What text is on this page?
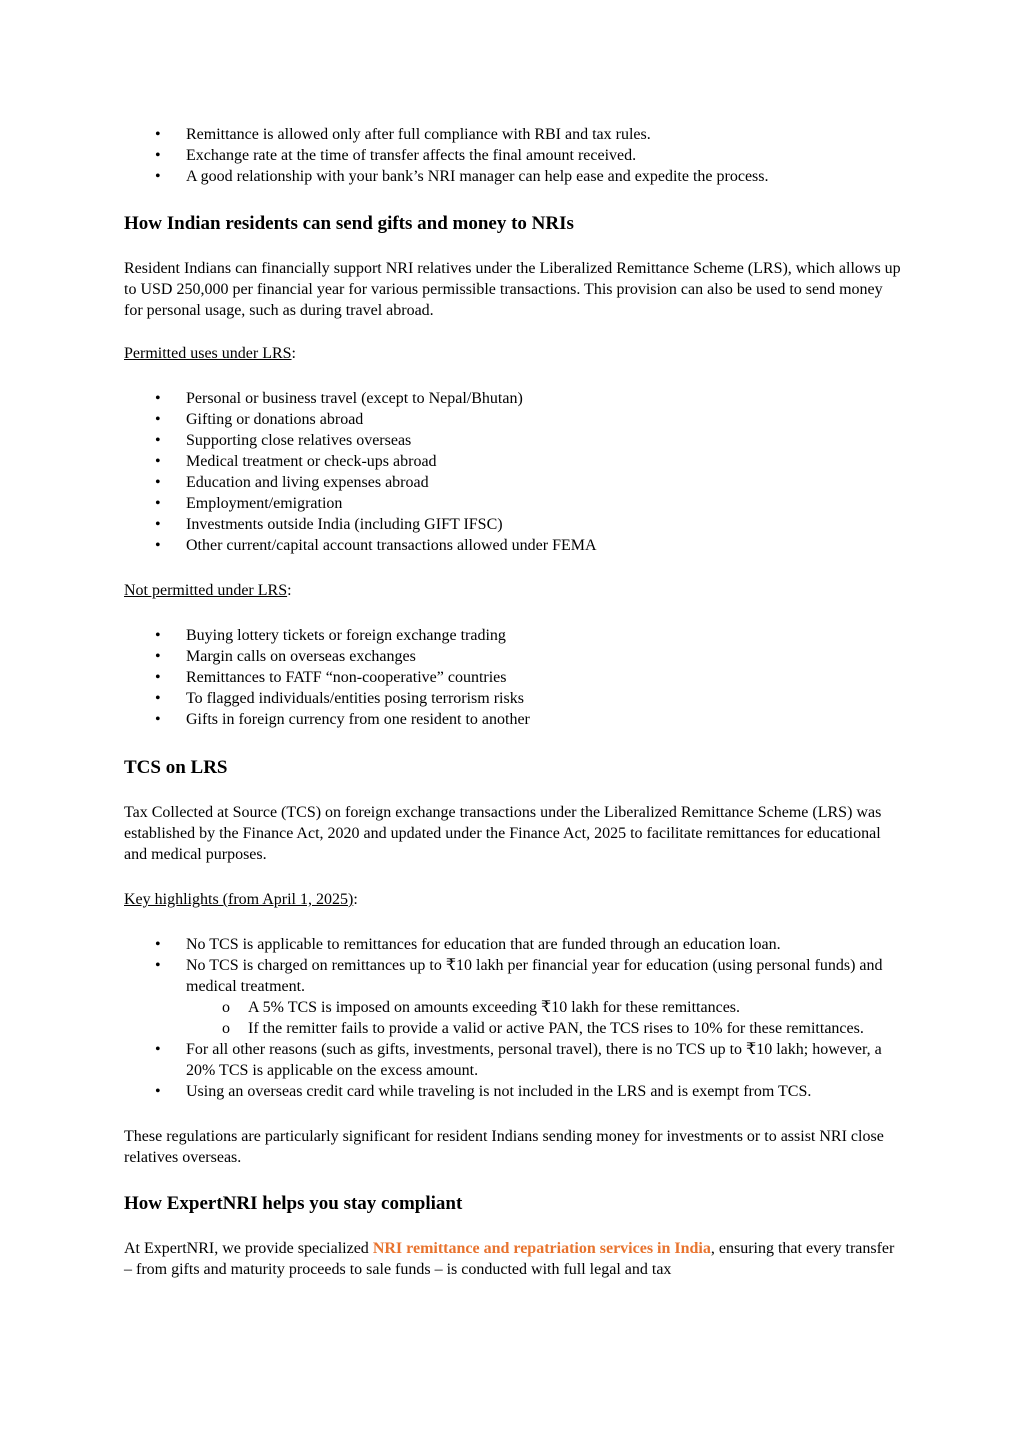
• Remittance is allowed only after full compliance with RBI and tax rules.
• Exchange rate at the time of transfer affects the final amount received.
• A good relationship with your bank’s NRI manager can help ease and expedite the process.
How Indian residents can send gifts and money to NRIs

Resident Indians can financially support NRI relatives under the Liberalized Remittance Scheme (LRS), which allows up to USD 250,000 per financial year for various permissible transactions. This provision can also be used to send money for personal usage, such as during travel abroad.

Permitted uses under LRS:

• Personal or business travel (except to Nepal/Bhutan)
• Gifting or donations abroad
• Supporting close relatives overseas
• Medical treatment or check-ups abroad
• Education and living expenses abroad
• Employment/emigration
• Investments outside India (including GIFT IFSC)
• Other current/capital account transactions allowed under FEMA

Not permitted under LRS:

• Buying lottery tickets or foreign exchange trading
• Margin calls on overseas exchanges
• Remittances to FATF “non-cooperative” countries
• To flagged individuals/entities posing terrorism risks
• Gifts in foreign currency from one resident to another
TCS on LRS

Tax Collected at Source (TCS) on foreign exchange transactions under the Liberalized Remittance Scheme (LRS) was established by the Finance Act, 2020 and updated under the Finance Act, 2025 to facilitate remittances for educational and medical purposes.

Key highlights (from April 1, 2025):

• No TCS is applicable to remittances for education that are funded through an education loan.
• No TCS is charged on remittances up to ₹10 lakh per financial year for education (using personal funds) and medical treatment.
o A 5% TCS is imposed on amounts exceeding ₹10 lakh for these remittances.
o If the remitter fails to provide a valid or active PAN, the TCS rises to 10% for these remittances.
• For all other reasons (such as gifts, investments, personal travel), there is no TCS up to ₹10 lakh; however, a 20% TCS is applicable on the excess amount.
• Using an overseas credit card while traveling is not included in the LRS and is exempt from TCS.

These regulations are particularly significant for resident Indians sending money for investments or to assist NRI close relatives overseas.

How ExpertNRI helps you stay compliant

At ExpertNRI, we provide specialized NRI remittance and repatriation services in India, ensuring that every transfer – from gifts and maturity proceeds to sale funds – is conducted with full legal and tax
